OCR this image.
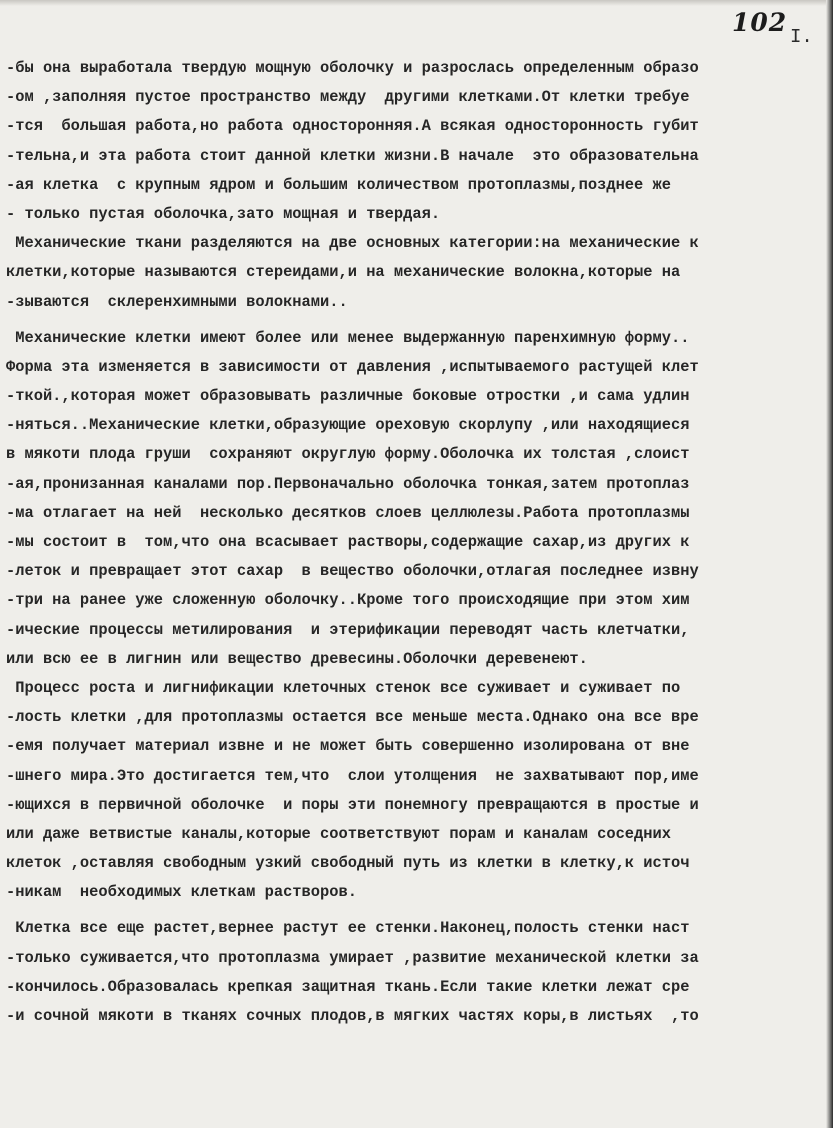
102 I.
-бы она выработала твердую мощную оболочку и разрослась определенным образо
-ом ,заполняя пустое пространство между  другими клетками.От клетки требуе
-тся  большая работа,но работа односторонняя.А всякая односторонность губит
-тельна,и эта работа стоит данной клетки жизни.В начале  это образовательна
-ая клетка  с крупным ядром и большим количеством протоплазмы,позднее же
- только пустая оболочка,зато мощная и твердая.
Механические ткани разделяются на две основных категории:на механические к
клетки,которые называются стереидами,и на механические волокна,которые на
-зываются  склеренхимными волокнами..
Механические клетки имеют более или менее выдержанную паренхимную форму..
Форма эта изменяется в зависимости от давления ,испытываемого растущей клет
-ткой.,которая может образовывать различные боковые отростки ,и сама удлин
-няться..Механические клетки,образующие ореховую скорлупу ,или находящиеся
в мякоти плода груши  сохраняют округлую форму.Оболочка их толстая ,слоист
-ая,пронизанная каналами пор.Первоначально оболочка тонкая,затем протоплаз
-ма отлагает на ней  несколько десятков слоев целлюлезы.Работа протоплазмы
-мы состоит в  том,что она всасывает растворы,содержащие сахар,из других к
-леток и превращает этот сахар  в вещество оболочки,отлагая последнее извну
-три на ранее уже сложенную оболочку..Кроме того происходящие при этом хим
-ические процессы метилирования  и этерификации переводят часть клетчатки,
или всю ее в лигнин или вещество древесины.Оболочки деревенеют.
Процесс роста и лигнификации клеточных стенок все суживает и суживает по
-лость клетки ,для протоплазмы остается все меньше места.Однако она все вре
-емя получает материал извне и не может быть совершенно изолирована от вне
-шнего мира.Это достигается тем,что  слои утолщения  не захватывают пор,име
-ющихся в первичной оболочке  и поры эти понемногу превращаются в простые и
или даже ветвистые каналы,которые соответствуют порам и каналам соседних
клеток ,оставляя свободным узкий свободный путь из клетки в клетку,к источ
-никам  необходимых клеткам растворов.
Клетка все еще растет,вернее растут ее стенки.Наконец,полость стенки наст
-только суживается,что протоплазма умирает ,развитие механической клетки за
-кончилось.Образовалась крепкая защитная ткань.Если такие клетки лежат сре
-и сочной мякоти в тканях сочных плодов,в мягких частях коры,в листьях  ,то
